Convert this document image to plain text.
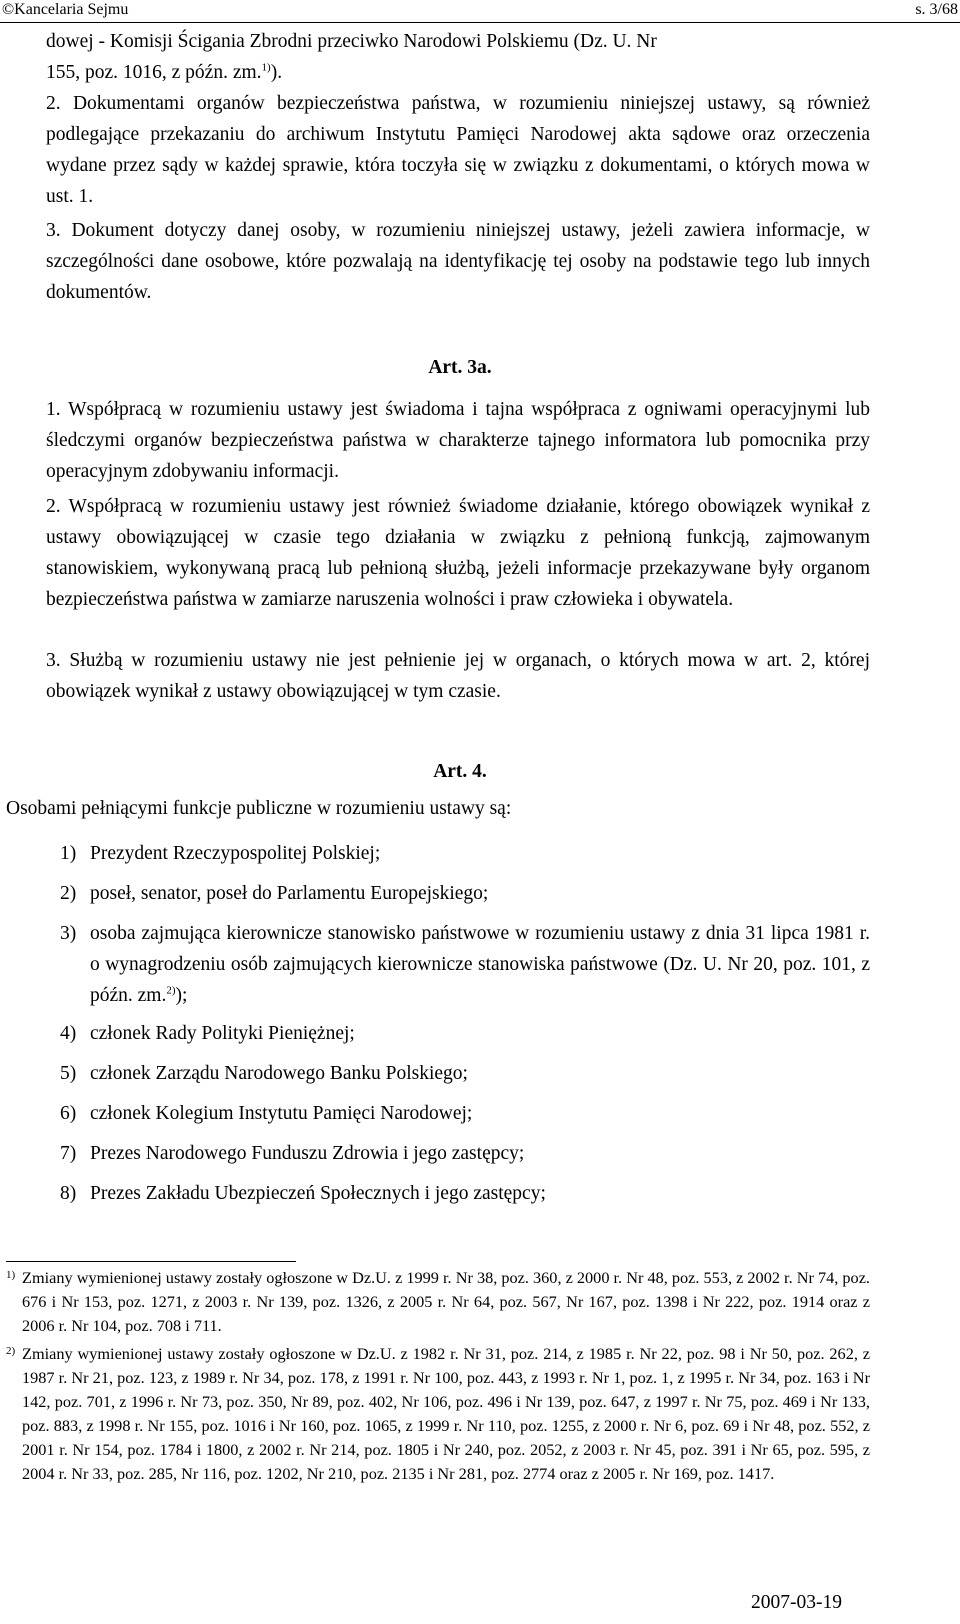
©Kancelaria Sejmu	s. 3/68
dowej - Komisji Ścigania Zbrodni przeciwko Narodowi Polskiemu (Dz. U. Nr
155, poz. 1016, z późn. zm.$^{1)}$).

2. Dokumentami organów bezpieczeństwa państwa, w rozumieniu niniejszej ustawy, są również podlegające przekazaniu do archiwum Instytutu Pamięci Narodowej akta sądowe oraz orzeczenia wydane przez sądy w każdej sprawie, która toczyła się w związku z dokumentami, o których mowa w ust. 1.

3. Dokument dotyczy danej osoby, w rozumieniu niniejszej ustawy, jeżeli zawiera informacje, w szczególności dane osobowe, które pozwalają na identyfikację tej osoby na podstawie tego lub innych dokumentów.

Art. 3a.

1. Współpracą w rozumieniu ustawy jest świadoma i tajna współpraca z ogniwami operacyjnymi lub śledczymi organów bezpieczeństwa państwa w charakterze tajnego informatora lub pomocnika przy operacyjnym zdobywaniu informacji.

2. Współpracą w rozumieniu ustawy jest również świadome działanie, którego obowiązek wynikał z ustawy obowiązującej w czasie tego działania w związku z pełnioną funkcją, zajmowanym stanowiskiem, wykonywaną pracą lub pełnioną służbą, jeżeli informacje przekazywane były organom bezpieczeństwa państwa w zamiarze naruszenia wolności i praw człowieka i obywatela.

3. Służbą w rozumieniu ustawy nie jest pełnienie jej w organach, o których mowa w art. 2, której obowiązek wynikał z ustawy obowiązującej w tym czasie.

Art. 4.
Osobami pełniącymi funkcje publiczne w rozumieniu ustawy są:
1) Prezydent Rzeczypospolitej Polskiej;
2) poseł, senator, poseł do Parlamentu Europejskiego;
3) osoba zajmująca kierownicze stanowisko państwowe w rozumieniu ustawy z dnia 31 lipca 1981 r. o wynagrodzeniu osób zajmujących kierownicze stanowiska państwowe (Dz. U. Nr 20, poz. 101, z późn. zm.$^{2)}$);
4) członek Rady Polityki Pieniężnej;
5) członek Zarządu Narodowego Banku Polskiego;
6) członek Kolegium Instytutu Pamięci Narodowej;
7) Prezes Narodowego Funduszu Zdrowia i jego zastępcy;
8) Prezes Zakładu Ubezpieczeń Społecznych i jego zastępcy;
1) Zmiany wymienionej ustawy zostały ogłoszone w Dz.U. z 1999 r. Nr 38, poz. 360, z 2000 r. Nr 48, poz. 553, z 2002 r. Nr 74, poz. 676 i Nr 153, poz. 1271, z 2003 r. Nr 139, poz. 1326, z 2005 r. Nr 64, poz. 567, Nr 167, poz. 1398 i Nr 222, poz. 1914 oraz z 2006 r. Nr 104, poz. 708 i 711.
2) Zmiany wymienionej ustawy zostały ogłoszone w Dz.U. z 1982 r. Nr 31, poz. 214, z 1985 r. Nr 22, poz. 98 i Nr 50, poz. 262, z 1987 r. Nr 21, poz. 123, z 1989 r. Nr 34, poz. 178, z 1991 r. Nr 100, poz. 443, z 1993 r. Nr 1, poz. 1, z 1995 r. Nr 34, poz. 163 i Nr 142, poz. 701, z 1996 r. Nr 73, poz. 350, Nr 89, poz. 402, Nr 106, poz. 496 i Nr 139, poz. 647, z 1997 r. Nr 75, poz. 469 i Nr 133, poz. 883, z 1998 r. Nr 155, poz. 1016 i Nr 160, poz. 1065, z 1999 r. Nr 110, poz. 1255, z 2000 r. Nr 6, poz. 69 i Nr 48, poz. 552, z 2001 r. Nr 154, poz. 1784 i 1800, z 2002 r. Nr 214, poz. 1805 i Nr 240, poz. 2052, z 2003 r. Nr 45, poz. 391 i Nr 65, poz. 595, z 2004 r. Nr 33, poz. 285, Nr 116, poz. 1202, Nr 210, poz. 2135 i Nr 281, poz. 2774 oraz z 2005 r. Nr 169, poz. 1417.
2007-03-19
